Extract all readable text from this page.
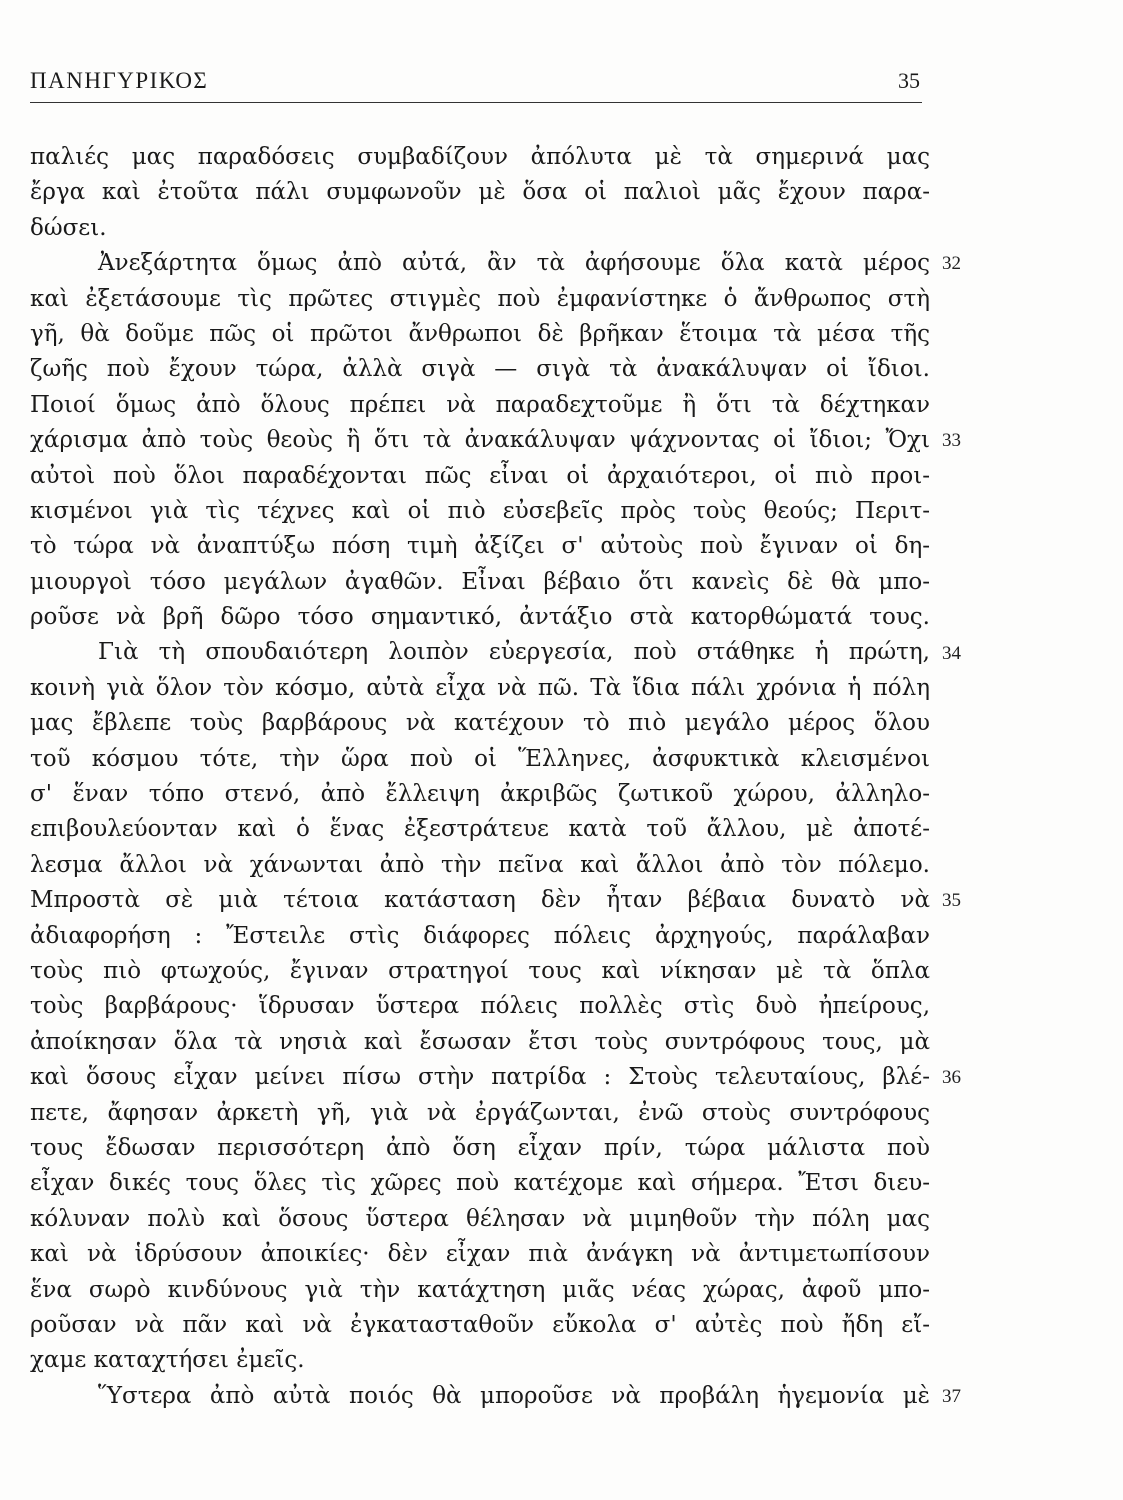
ΠΑΝΗΓΥΡΙΚΟΣ	35
παλιές μας παραδόσεις συμβαδίζουν ἀπόλυτα μὲ τὰ σημερινά μας
ἔργα καὶ ἐτοῦτα πάλι συμφωνοῦν μὲ ὅσα οἱ παλιοὶ μᾶς ἔχουν παρα-
δώσει.
Ἀνεξάρτητα ὅμως ἀπὸ αὐτά, ἂν τὰ ἀφήσουμε ὅλα κατὰ μέρος 32
καὶ ἐξετάσουμε τὶς πρῶτες στιγμὲς ποὺ ἐμφανίστηκε ὁ ἄνθρωπος στὴ
γῆ, θὰ δοῦμε πῶς οἱ πρῶτοι ἄνθρωποι δὲ βρῆκαν ἕτοιμα τὰ μέσα τῆς
ζωῆς ποὺ ἔχουν τώρα, ἀλλὰ σιγὰ — σιγὰ τὰ ἀνακάλυψαν οἱ ἴδιοι.
Ποιοί ὅμως ἀπὸ ὅλους πρέπει νὰ παραδεχτοῦμε ἢ ὅτι τὰ δέχτηκαν
χάρισμα ἀπὸ τοὺς θεοὺς ἢ ὅτι τὰ ἀνακάλυψαν ψάχνοντας οἱ ἴδιοι; Ὄχι 33
αὐτοὶ ποὺ ὅλοι παραδέχονται πῶς εἶναι οἱ ἀρχαιότεροι, οἱ πιὸ προι-
κισμένοι γιὰ τὶς τέχνες καὶ οἱ πιὸ εὐσεβεῖς πρὸς τοὺς θεούς; Περιτ-
τὸ τώρα νὰ ἀναπτύξω πόση τιμὴ ἀξίζει σ' αὐτοὺς ποὺ ἔγιναν οἱ δη-
μιουργοὶ τόσο μεγάλων ἀγαθῶν. Εἶναι βέβαιο ὅτι κανεὶς δὲ θὰ μπο-
ροῦσε νὰ βρῆ δῶρο τόσο σημαντικό, ἀντάξιο στὰ κατορθώματά τους.
Γιὰ τὴ σπουδαιότερη λοιπὸν εὐεργεσία, ποὺ στάθηκε ἡ πρώτη, 34
κοινὴ γιὰ ὅλον τὸν κόσμο, αὐτὰ εἶχα νὰ πῶ. Τὰ ἴδια πάλι χρόνια ἡ πόλη
μας ἔβλεπε τοὺς βαρβάρους νὰ κατέχουν τὸ πιὸ μεγάλο μέρος ὅλου
τοῦ κόσμου τότε, τὴν ὥρα ποὺ οἱ Ἕλληνες, ἀσφυκτικὰ κλεισμένοι
σ' ἕναν τόπο στενό, ἀπὸ ἔλλειψη ἀκριβῶς ζωτικοῦ χώρου, ἀλληλο-
επιβουλεύονταν καὶ ὁ ἕνας ἐξεστράτευε κατὰ τοῦ ἄλλου, μὲ ἀποτέ-
λεσμα ἄλλοι νὰ χάνωνται ἀπὸ τὴν πεῖνα καὶ ἄλλοι ἀπὸ τὸν πόλεμο.
Μπροστὰ σὲ μιὰ τέτοια κατάσταση δὲν ἦταν βέβαια δυνατὸ νὰ 35
ἀδιαφορήση : Ἔστειλε στὶς διάφορες πόλεις ἀρχηγούς, παράλαβαν
τοὺς πιὸ φτωχούς, ἔγιναν στρατηγοί τους καὶ νίκησαν μὲ τὰ ὅπλα
τοὺς βαρβάρους· ἵδρυσαν ὕστερα πόλεις πολλὲς στὶς δυὸ ἠπείρους,
ἀποίκησαν ὅλα τὰ νησιὰ καὶ ἔσωσαν ἔτσι τοὺς συντρόφους τους, μὰ
καὶ ὅσους εἶχαν μείνει πίσω στὴν πατρίδα : Στοὺς τελευταίους, βλέ- 36
πετε, ἄφησαν ἀρκετὴ γῆ, γιὰ νὰ ἐργάζωνται, ἐνῶ στοὺς συντρόφους
τους ἔδωσαν περισσότερη ἀπὸ ὅση εἶχαν πρίν, τώρα μάλιστα ποὺ
εἶχαν δικές τους ὅλες τὶς χῶρες ποὺ κατέχομε καὶ σήμερα. Ἔτσι διευ-
κόλυναν πολὺ καὶ ὅσους ὕστερα θέλησαν νὰ μιμηθοῦν τὴν πόλη μας
καὶ νὰ ἱδρύσουν ἀποικίες· δὲν εἶχαν πιὰ ἀνάγκη νὰ ἀντιμετωπίσουν
ἕνα σωρὸ κινδύνους γιὰ τὴν κατάχτηση μιᾶς νέας χώρας, ἀφοῦ μπο-
ροῦσαν νὰ πᾶν καὶ νὰ ἐγκατασταθοῦν εὔκολα σ' αὐτὲς ποὺ ἤδη εἴ-
χαμε καταχτήσει ἐμεῖς.
Ὕστερα ἀπὸ αὐτὰ ποιός θὰ μποροῦσε νὰ προβάλη ἡγεμονία μὲ 37
